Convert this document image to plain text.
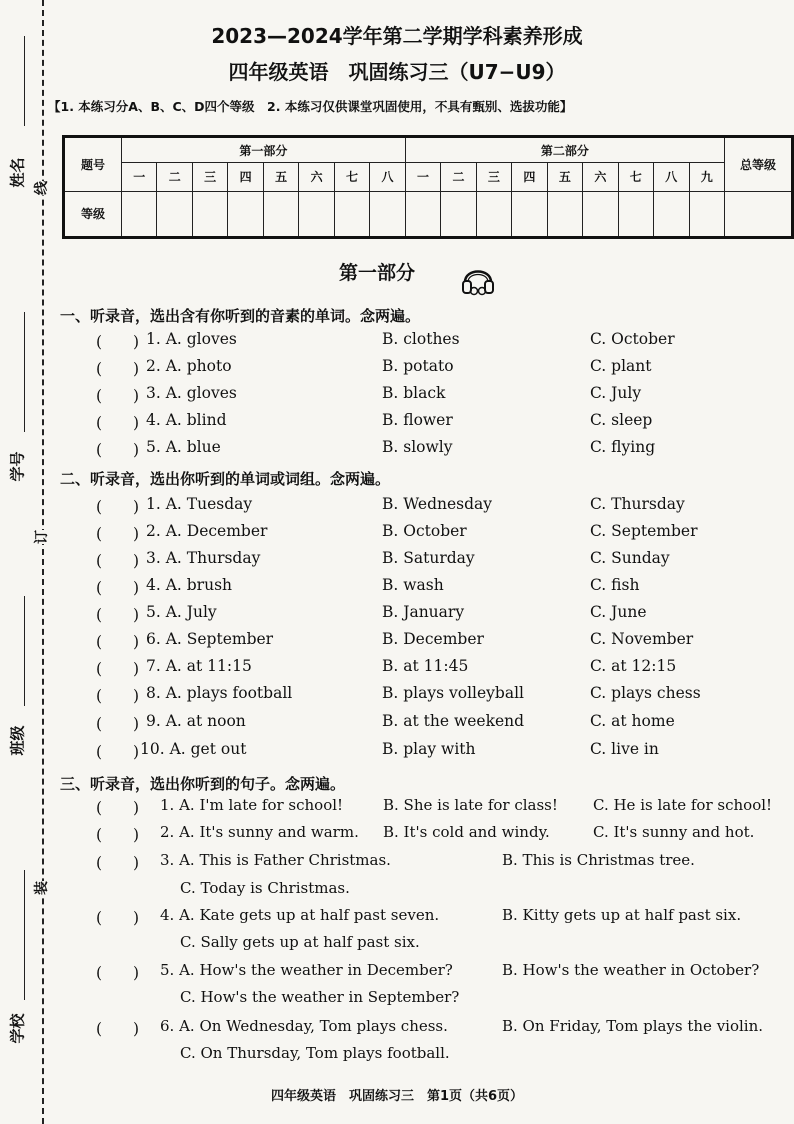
姓名
线
学号
订
班级
装
学校
2023—2024学年第二学期学科素养形成
四年级英语　巩固练习三（U7−U9）
【1. 本练习分A、B、C、D四个等级　2. 本练习仅供课堂巩固使用，不具有甄别、选拔功能】
题号	第一部分								第二部分									总等级
	一	二	三	四	五	六	七	八	一	二	三	四	五	六	七	八	九	
等级																		
第一部分
一、听录音，选出含有你听到的音素的单词。念两遍。
二、听录音，选出你听到的单词或词组。念两遍。
三、听录音，选出你听到的句子。念两遍。
(　　) 1. A. gloves	B. clothes	C. October
(　　) 2. A. photo	B. potato	C. plant
(　　) 3. A. gloves	B. black	C. July
(　　) 4. A. blind	B. flower	C. sleep
(　　) 5. A. blue	B. slowly	C. flying
(　　) 1. A. Tuesday	B. Wednesday	C. Thursday
(　　) 2. A. December	B. October	C. September
(　　) 3. A. Thursday	B. Saturday	C. Sunday
(　　) 4. A. brush	B. wash	C. fish
(　　) 5. A. July	B. January	C. June
(　　) 6. A. September	B. December	C. November
(　　) 7. A. at 11:15	B. at 11:45	C. at 12:15
(　　) 8. A. plays football	B. plays volleyball	C. plays chess
(　　) 9. A. at noon	B. at the weekend	C. at home
(　　) 10. A. get out	B. play with	C. live in
(　　) 1. A. I'm late for school!	B. She is late for class! C. He is late for school!
(　　) 2. A. It's sunny and warm. B. It's cold and windy.	C. It's sunny and hot.
(　　) 3. A. This is Father Christmas.	B. This is Christmas tree.
C. Today is Christmas.
(　　) 4. A. Kate gets up at half past seven.	B. Kitty gets up at half past six.
C. Sally gets up at half past six.
(　　) 5. A. How's the weather in December?	B. How's the weather in October?
C. How's the weather in September?
(　　) 6. A. On Wednesday, Tom plays chess.	B. On Friday, Tom plays the violin.
C. On Thursday, Tom plays football.
四年级英语　巩固练习三　第1页（共6页）
